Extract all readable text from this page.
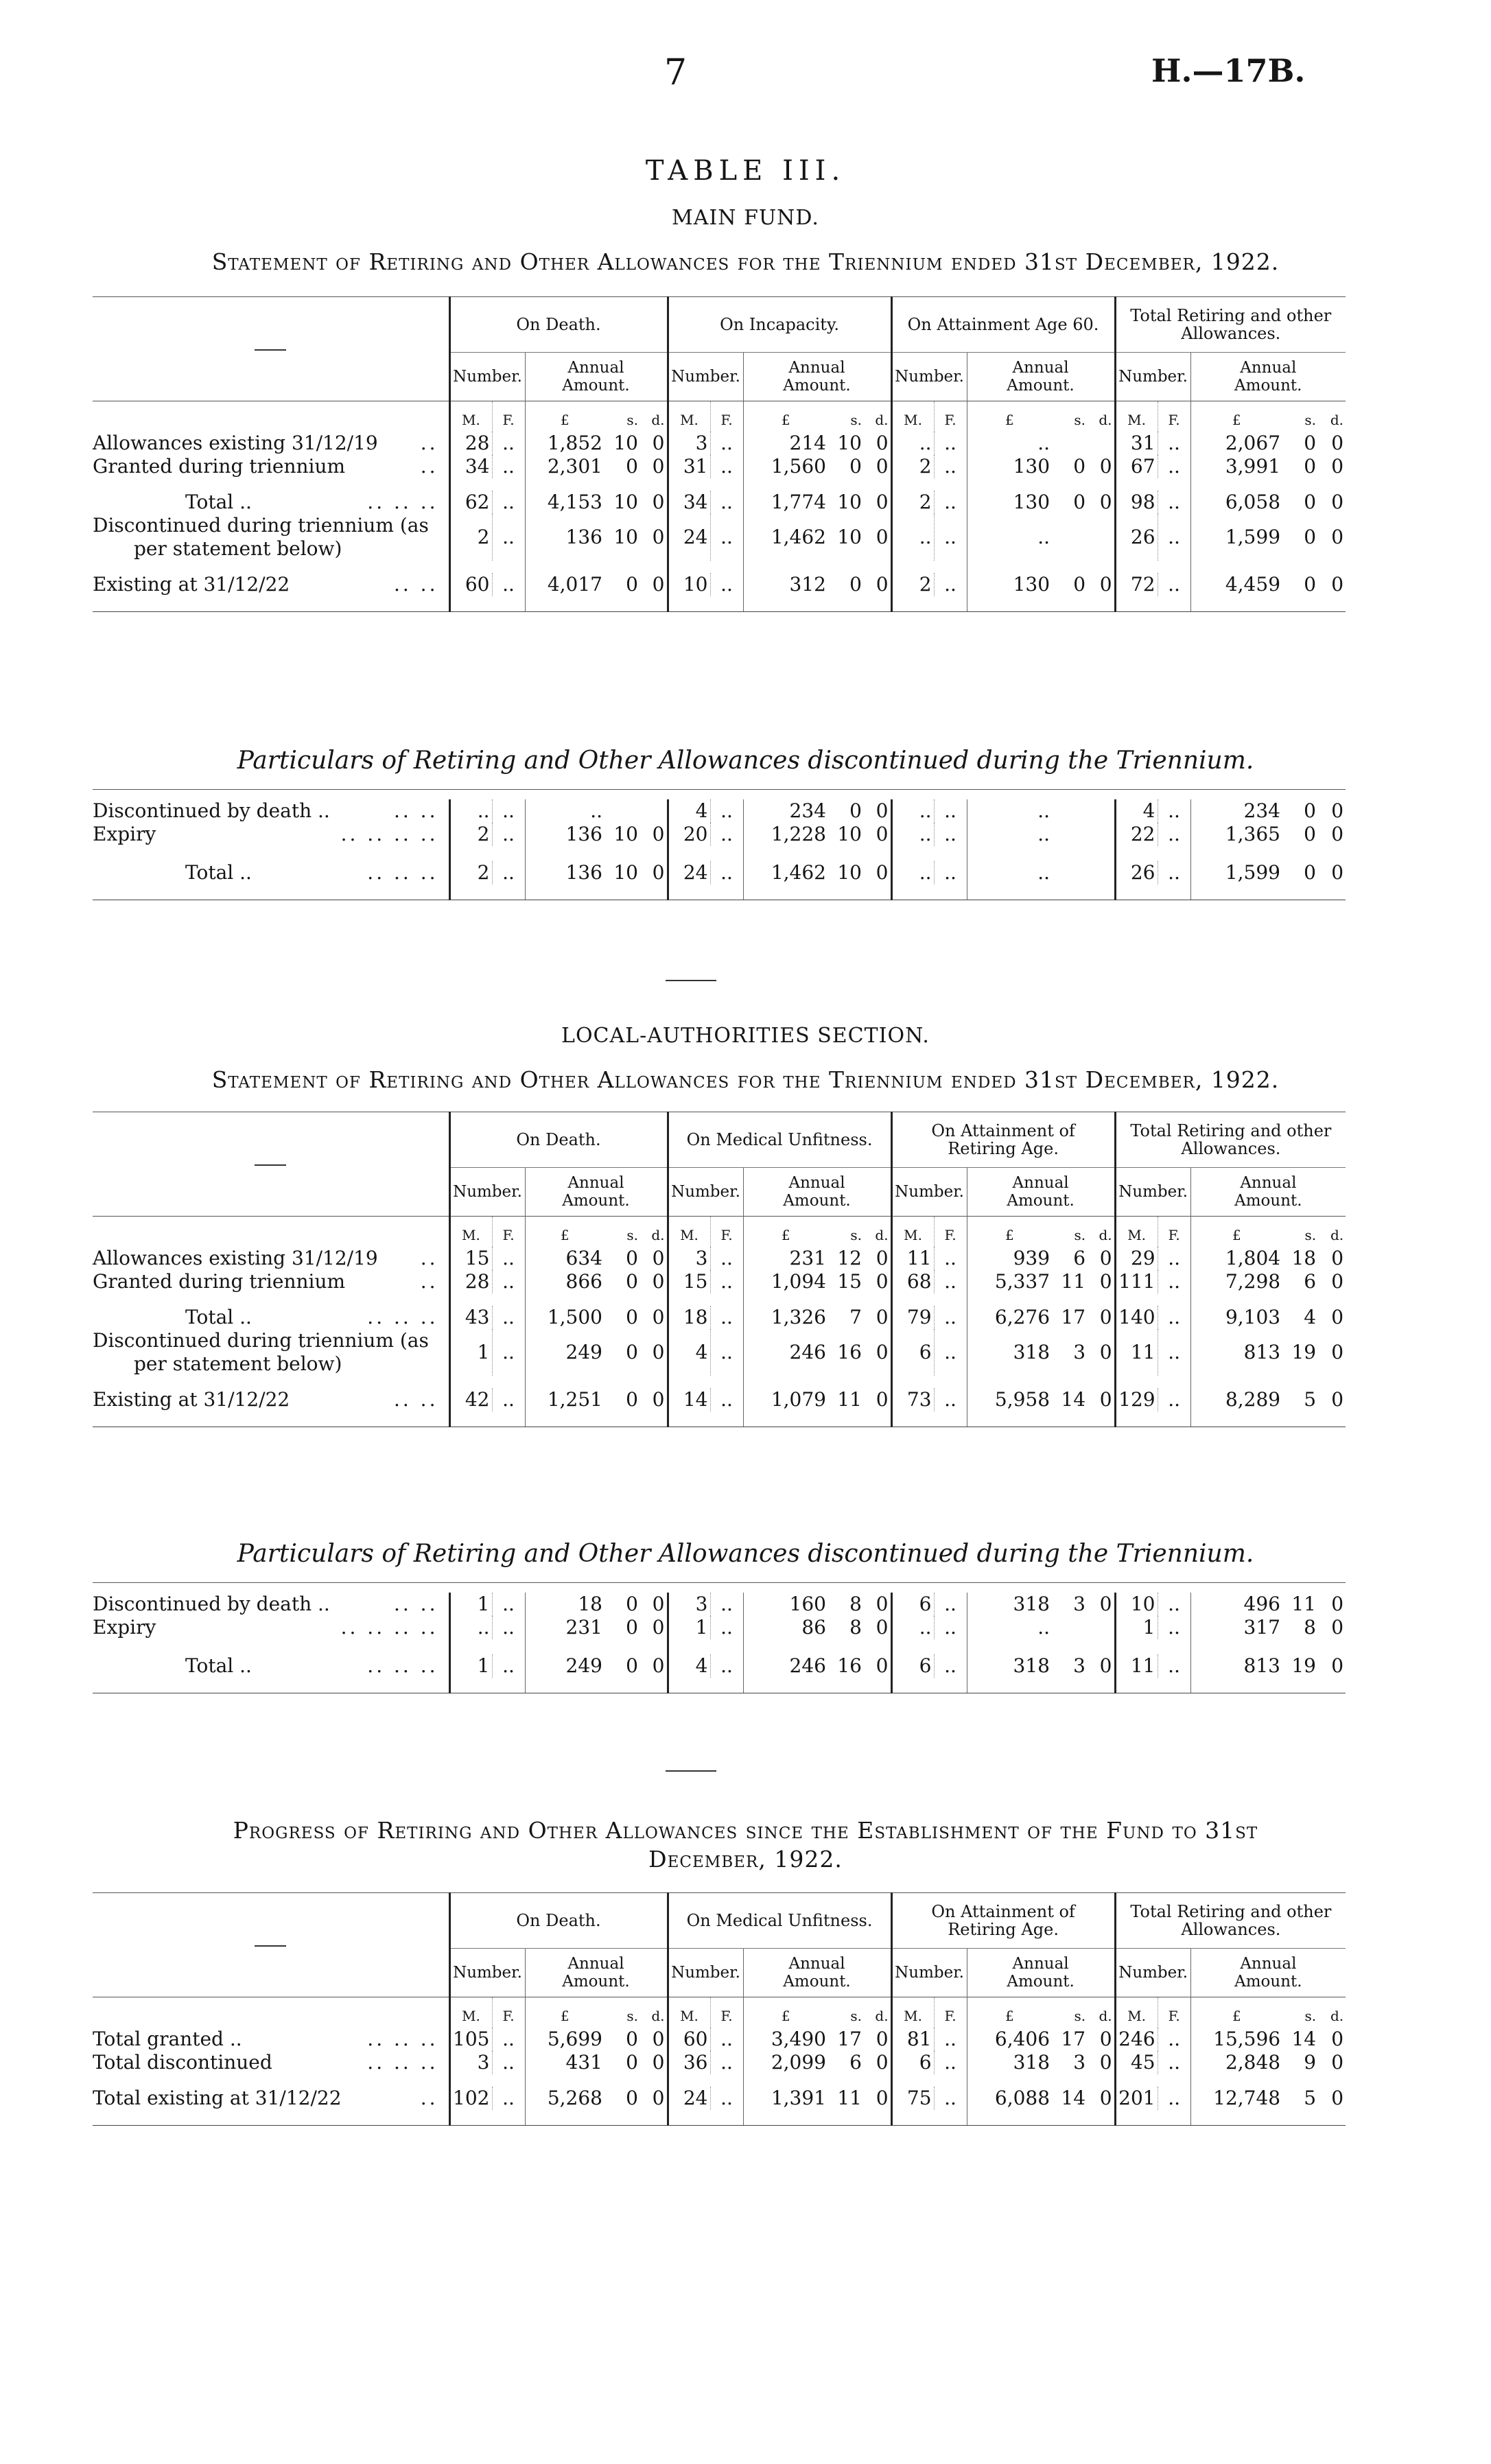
7	H.—17B.
TABLE III.
MAIN FUND.
Statement of Retiring and Other Allowances for the Triennium ended 31st December, 1922.
	On Death.					On Incapacity.					On Attainment Age 60.					Total Retiring and other Allowances.				
	Number.		Annual Amount.			Number.		Annual Amount.			Number.		Annual Amount.			Number.		Annual Amount.		
	M.	F.	£	s.	d.	M.	F.	£	s.	d.	M.	F.	£	s.	d.	M.	F.	£	s.	d.
Allowances existing 31/12/19 ..	28	..	1,852	10	0	3	..	214	10	0	..	..	..			31	..	2,067	0	0
Granted during triennium ..	34	..	2,301	0	0	31	..	1,560	0	0	2	..	130	0	0	67	..	3,991	0	0

Total .. .. .. ..	62	..	4,153	10	0	34	..	1,774	10	0	2	..	130	0	0	98	..	6,058	0	0
Discontinued during triennium (as
per statement below)	2	..	136	10	0	24	..	1,462	10	0	..	..	..			26	..	1,599	0	0

Existing at 31/12/22 .. ..	60	..	4,017	0	0	10	..	312	0	0	2	..	130	0	0	72	..	4,459	0	0

Particulars of Retiring and Other Allowances discontinued during the Triennium.

Discontinued by death .. .. ..	..	..	..			4	..	234	0	0	..	..	..			4	..	234	0	0
Expiry .. .. .. ..	2	..	136	10	0	20	..	1,228	10	0	..	..	..			22	..	1,365	0	0

Total .. .. .. ..	2	..	136	10	0	24	..	1,462	10	0	..	..	..			26	..	1,599	0	0

LOCAL-AUTHORITIES SECTION.
Statement of Retiring and Other Allowances for the Triennium ended 31st December, 1922.
	On Death.					On Medical Unfitness.					On Attainment of Retiring Age.					Total Retiring and other Allowances.				
	Number.		Annual Amount.			Number.		Annual Amount.			Number.		Annual Amount.			Number.		Annual Amount.		
	M.	F.	£	s.	d.	M.	F.	£	s.	d.	M.	F.	£	s.	d.	M.	F.	£	s.	d.
Allowances existing 31/12/19 ..	15	..	634	0	0	3	..	231	12	0	11	..	939	6	0	29	..	1,804	18	0
Granted during triennium ..	28	..	866	0	0	15	..	1,094	15	0	68	..	5,337	11	0	111	..	7,298	6	0

Total .. .. .. ..	43	..	1,500	0	0	18	..	1,326	7	0	79	..	6,276	17	0	140	..	9,103	4	0
Discontinued during triennium (as
per statement below)	1	..	249	0	0	4	..	246	16	0	6	..	318	3	0	11	..	813	19	0

Existing at 31/12/22 .. ..	42	..	1,251	0	0	14	..	1,079	11	0	73	..	5,958	14	0	129	..	8,289	5	0

Particulars of Retiring and Other Allowances discontinued during the Triennium.

Discontinued by death .. .. ..	1	..	18	0	0	3	..	160	8	0	6	..	318	3	0	10	..	496	11	0
Expiry .. .. .. ..	..	..	231	0	0	1	..	86	8	0	..	..	..			1	..	317	8	0

Total .. .. .. ..	1	..	249	0	0	4	..	246	16	0	6	..	318	3	0	11	..	813	19	0

Progress of Retiring and Other Allowances since the Establishment of the Fund to 31st
December, 1922.
	On Death.					On Medical Unfitness.					On Attainment of Retiring Age.					Total Retiring and other Allowances.				
	Number.		Annual Amount.			Number.		Annual Amount.			Number.		Annual Amount.			Number.		Annual Amount.		
	M.	F.	£	s.	d.	M.	F.	£	s.	d.	M.	F.	£	s.	d.	M.	F.	£	s.	d.
Total granted .. .. .. ..	105	..	5,699	0	0	60	..	3,490	17	0	81	..	6,406	17	0	246	..	15,596	14	0
Total discontinued .. .. ..	3	..	431	0	0	36	..	2,099	6	0	6	..	318	3	0	45	..	2,848	9	0

Total existing at 31/12/22 ..	102	..	5,268	0	0	24	..	1,391	11	0	75	..	6,088	14	0	201	..	12,748	5	0
